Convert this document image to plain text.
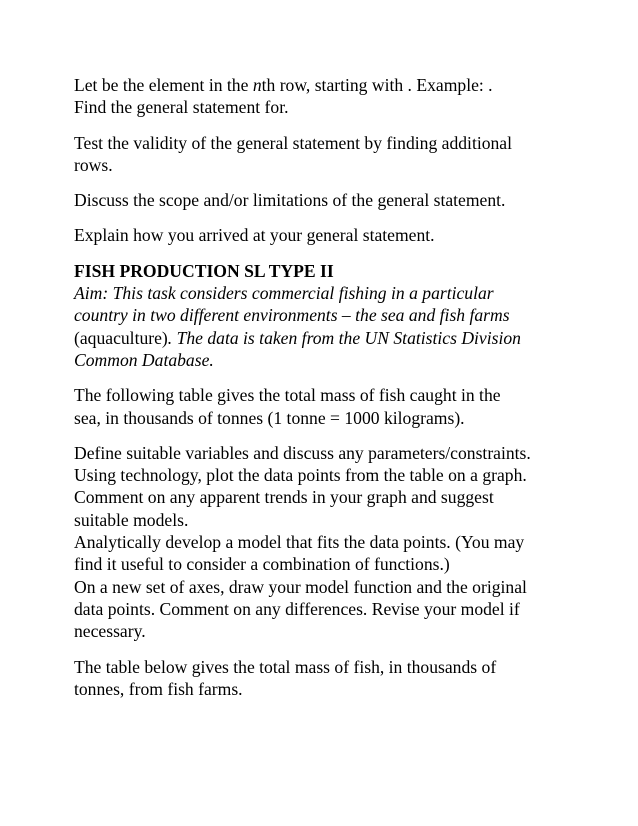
Let be the element in the nth row, starting with . Example: .
Find the general statement for.

Test the validity of the general statement by finding additional
rows.

Discuss the scope and/or limitations of the general statement.

Explain how you arrived at your general statement.

FISH PRODUCTION SL TYPE II
Aim: This task considers commercial fishing in a particular
country in two different environments – the sea and fish farms
(aquaculture). The data is taken from the UN Statistics Division
Common Database.

The following table gives the total mass of fish caught in the
sea, in thousands of tonnes (1 tonne = 1000 kilograms).

Define suitable variables and discuss any parameters/constraints.
Using technology, plot the data points from the table on a graph.
Comment on any apparent trends in your graph and suggest
suitable models.
Analytically develop a model that fits the data points. (You may
find it useful to consider a combination of functions.)
On a new set of axes, draw your model function and the original
data points. Comment on any differences. Revise your model if
necessary.

The table below gives the total mass of fish, in thousands of
tonnes, from fish farms.
